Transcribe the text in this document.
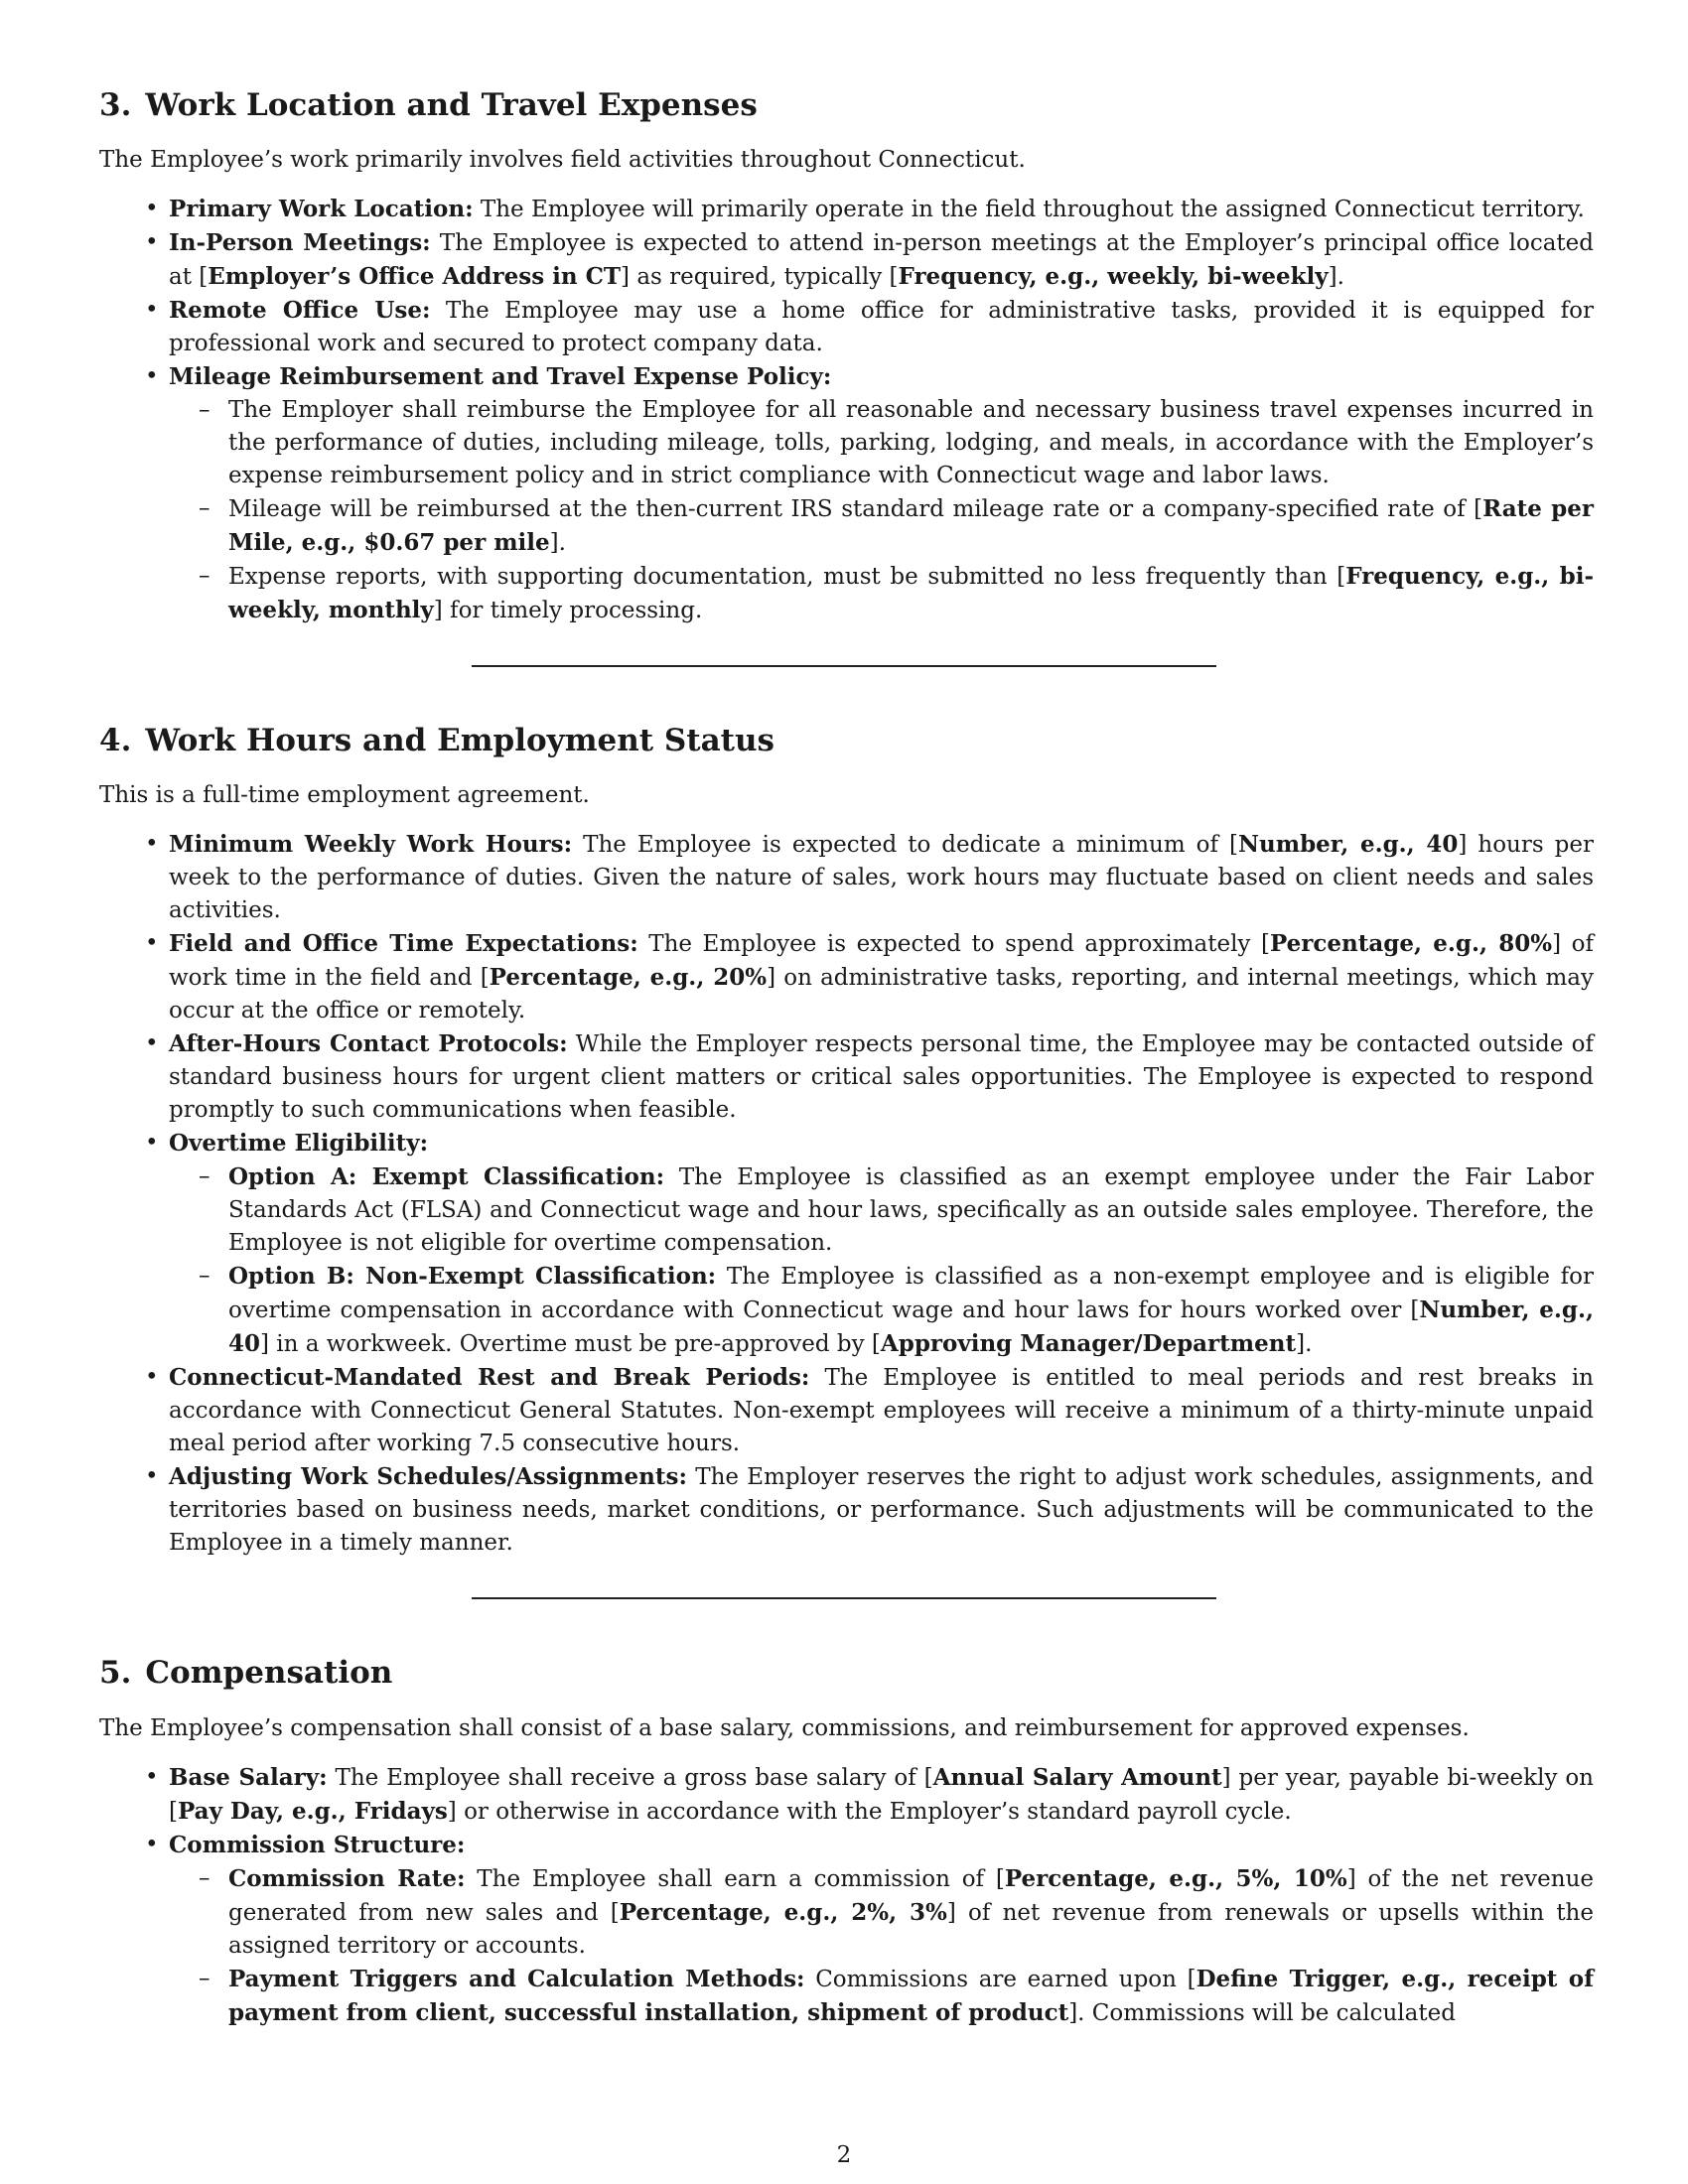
3. Work Location and Travel Expenses

The Employee’s work primarily involves field activities throughout Connecticut.

• Primary Work Location: The Employee will primarily operate in the field throughout the assigned Connecticut territory.
• In-Person Meetings: The Employee is expected to attend in-person meetings at the Employer’s principal office located at [Employer’s Office Address in CT] as required, typically [Frequency, e.g., weekly, bi-weekly].
• Remote Office Use: The Employee may use a home office for administrative tasks, provided it is equipped for professional work and secured to protect company data.
• Mileage Reimbursement and Travel Expense Policy:
– The Employer shall reimburse the Employee for all reasonable and necessary business travel expenses incurred in the performance of duties, including mileage, tolls, parking, lodging, and meals, in accordance with the Employer’s expense reimbursement policy and in strict compliance with Connecticut wage and labor laws.
– Mileage will be reimbursed at the then-current IRS standard mileage rate or a company-specified rate of [Rate per Mile, e.g., $0.67 per mile].
– Expense reports, with supporting documentation, must be submitted no less frequently than [Frequency, e.g., bi-weekly, monthly] for timely processing.
4. Work Hours and Employment Status

This is a full-time employment agreement.

• Minimum Weekly Work Hours: The Employee is expected to dedicate a minimum of [Number, e.g., 40] hours per week to the performance of duties. Given the nature of sales, work hours may fluctuate based on client needs and sales activities.
• Field and Office Time Expectations: The Employee is expected to spend approximately [Percentage, e.g., 80%] of work time in the field and [Percentage, e.g., 20%] on administrative tasks, reporting, and internal meetings, which may occur at the office or remotely.
• After-Hours Contact Protocols: While the Employer respects personal time, the Employee may be contacted outside of standard business hours for urgent client matters or critical sales opportunities. The Employee is expected to respond promptly to such communications when feasible.
• Overtime Eligibility:
– Option A: Exempt Classification: The Employee is classified as an exempt employee under the Fair Labor Standards Act (FLSA) and Connecticut wage and hour laws, specifically as an outside sales employee. Therefore, the Employee is not eligible for overtime compensation.
– Option B: Non-Exempt Classification: The Employee is classified as a non-exempt employee and is eligible for overtime compensation in accordance with Connecticut wage and hour laws for hours worked over [Number, e.g., 40] in a workweek. Overtime must be pre-approved by [Approving Manager/Department].
• Connecticut-Mandated Rest and Break Periods: The Employee is entitled to meal periods and rest breaks in accordance with Connecticut General Statutes. Non-exempt employees will receive a minimum of a thirty-minute unpaid meal period after working 7.5 consecutive hours.
• Adjusting Work Schedules/Assignments: The Employer reserves the right to adjust work schedules, assignments, and territories based on business needs, market conditions, or performance. Such adjustments will be communicated to the Employee in a timely manner.
5. Compensation

The Employee’s compensation shall consist of a base salary, commissions, and reimbursement for approved expenses.

• Base Salary: The Employee shall receive a gross base salary of [Annual Salary Amount] per year, payable bi-weekly on [Pay Day, e.g., Fridays] or otherwise in accordance with the Employer’s standard payroll cycle.
• Commission Structure:
– Commission Rate: The Employee shall earn a commission of [Percentage, e.g., 5%, 10%] of the net revenue generated from new sales and [Percentage, e.g., 2%, 3%] of net revenue from renewals or upsells within the assigned territory or accounts.
– Payment Triggers and Calculation Methods: Commissions are earned upon [Define Trigger, e.g., receipt of payment from client, successful installation, shipment of product]. Commissions will be calculated
2
